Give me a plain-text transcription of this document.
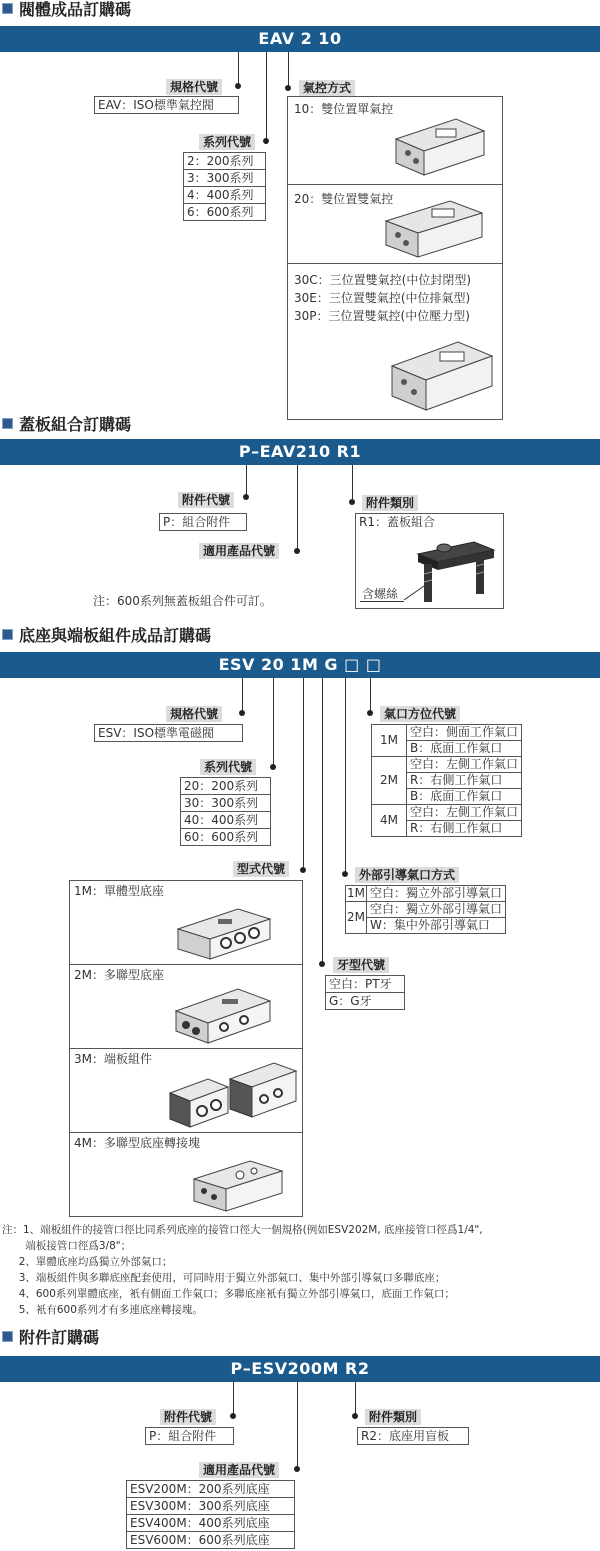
閥體成品訂購碼
EAV 2 10
規格代號
EAV：ISO標準氣控閥
系列代號
2：200系列
3：300系列
4：400系列
6：600系列
氣控方式
10：雙位置單氣控
20：雙位置雙氣控
30C：三位置雙氣控(中位封閉型)
30E：三位置雙氣控(中位排氣型)
30P：三位置雙氣控(中位壓力型)
蓋板組合訂購碼
P–EAV210 R1
附件代號
P：組合附件
適用產品代號
附件類別
R1：蓋板組合
含螺絲
注：600系列無蓋板組合件可訂。
底座與端板組件成品訂購碼
ESV 20 1M G □ □
規格代號
ESV：ISO標準電磁閥
系列代號
20：200系列
30：300系列
40：400系列
60：600系列
型式代號
1M：單體型底座
2M：多聯型底座
3M：端板組件
4M：多聯型底座轉接塊
牙型代號
空白：PT牙
G：G牙
外部引導氣口方式
1M	空白：獨立外部引導氣口
2M	空白：獨立外部引導氣口
	W：集中外部引導氣口
氣口方位代號
1M	空白：側面工作氣口
	B：底面工作氣口
2M	空白：左側工作氣口
	R：右側工作氣口
	B：底面工作氣口
4M	空白：左側工作氣口
	R：右側工作氣口
注：1、端板組件的接管口徑比同系列底座的接管口徑大一個規格(例如ESV202M, 底座接管口徑爲1/4",
端板接管口徑爲3/8"；
2、單體底座均爲獨立外部氣口；
3、端板組件與多聯底座配套使用，可同時用于獨立外部氣口、集中外部引導氣口多聯底座；
4、600系列單體底座，衹有側面工作氣口；多聯底座衹有獨立外部引導氣口，底面工作氣口；
5、衹有600系列才有多連底座轉接塊。
附件訂購碼
P–ESV200M R2
附件代號
P：組合附件
附件類別
R2：底座用盲板
適用產品代號
ESV200M：200系列底座
ESV300M：300系列底座
ESV400M：400系列底座
ESV600M：600系列底座
